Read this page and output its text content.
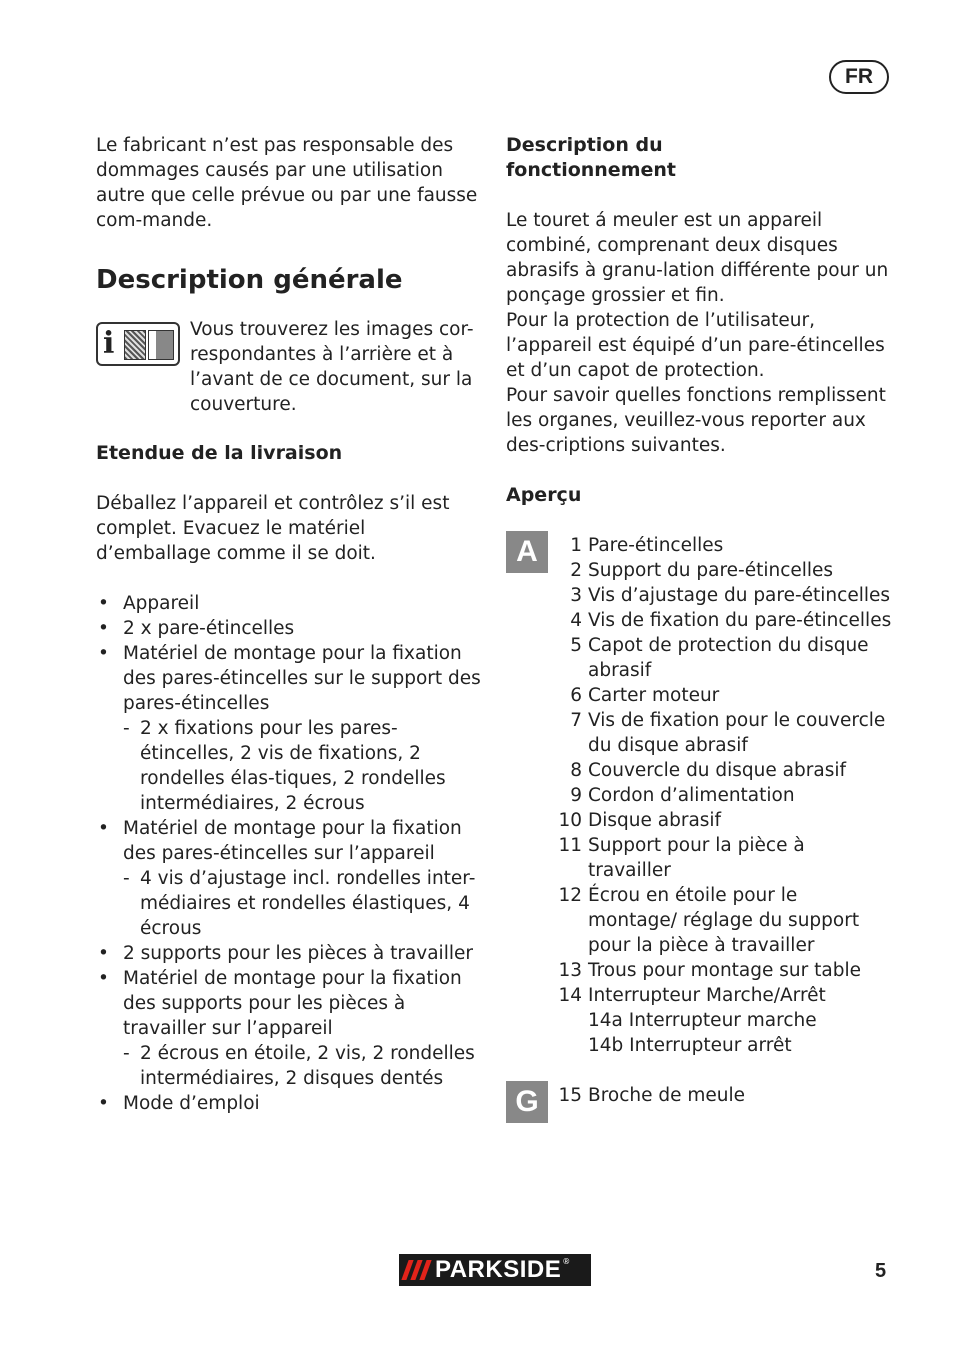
FR

Le fabricant n’est pas responsable des dommages causés par une utilisation autre que celle prévue ou par une fausse com-mande.

Description générale
i	Vous trouverez les images cor-respondantes à l’arrière et à l’avant de ce document, sur la couverture.

Etendue de la livraison

Déballez l’appareil et contrôlez s’il est complet. Evacuez le matériel d’emballage comme il se doit.

• Appareil
• 2 x pare-étincelles
• Matériel de montage pour la fixation des pares-étincelles sur le support des pares-étincelles
- 2 x fixations pour les pares-étincelles, 2 vis de fixations, 2 rondelles élas-tiques, 2 rondelles intermédiaires, 2 écrous
• Matériel de montage pour la fixation des pares-étincelles sur l’appareil
- 4 vis d’ajustage incl. rondelles inter-médiaires et rondelles élastiques, 4 écrous
• 2 supports pour les pièces à travailler
• Matériel de montage pour la fixation des supports pour les pièces à travailler sur l’appareil
- 2 écrous en étoile, 2 vis, 2 rondelles intermédiaires, 2 disques dentés
• Mode d’emploi
Description du
fonctionnement

Le touret á meuler est un appareil combiné, comprenant deux disques abrasifs à granu-lation différente pour un ponçage grossier et fin.

Pour la protection de l’utilisateur, l’appareil est équipé d’un pare-étincelles et d’un capot de protection.

Pour savoir quelles fonctions remplissent les organes, veuillez-vous reporter aux des-criptions suivantes.

Aperçu
A	1 Pare-étincelles
2 Support du pare-étincelles
3 Vis d’ajustage du pare-étincelles
4 Vis de fixation du pare-étincelles
5 Capot de protection du disque abrasif
6 Carter moteur
7 Vis de fixation pour le couvercle du disque abrasif
8 Couvercle du disque abrasif
9 Cordon d’alimentation
10 Disque abrasif
11 Support pour la pièce à travailler
12 Écrou en étoile pour le montage/ réglage du support pour la pièce à travailler
13 Trous pour montage sur table
14 Interrupteur Marche/Arrêt
14a Interrupteur marche
14b Interrupteur arrêt
G	15 Broche de meule
PARKSIDE ®	5
